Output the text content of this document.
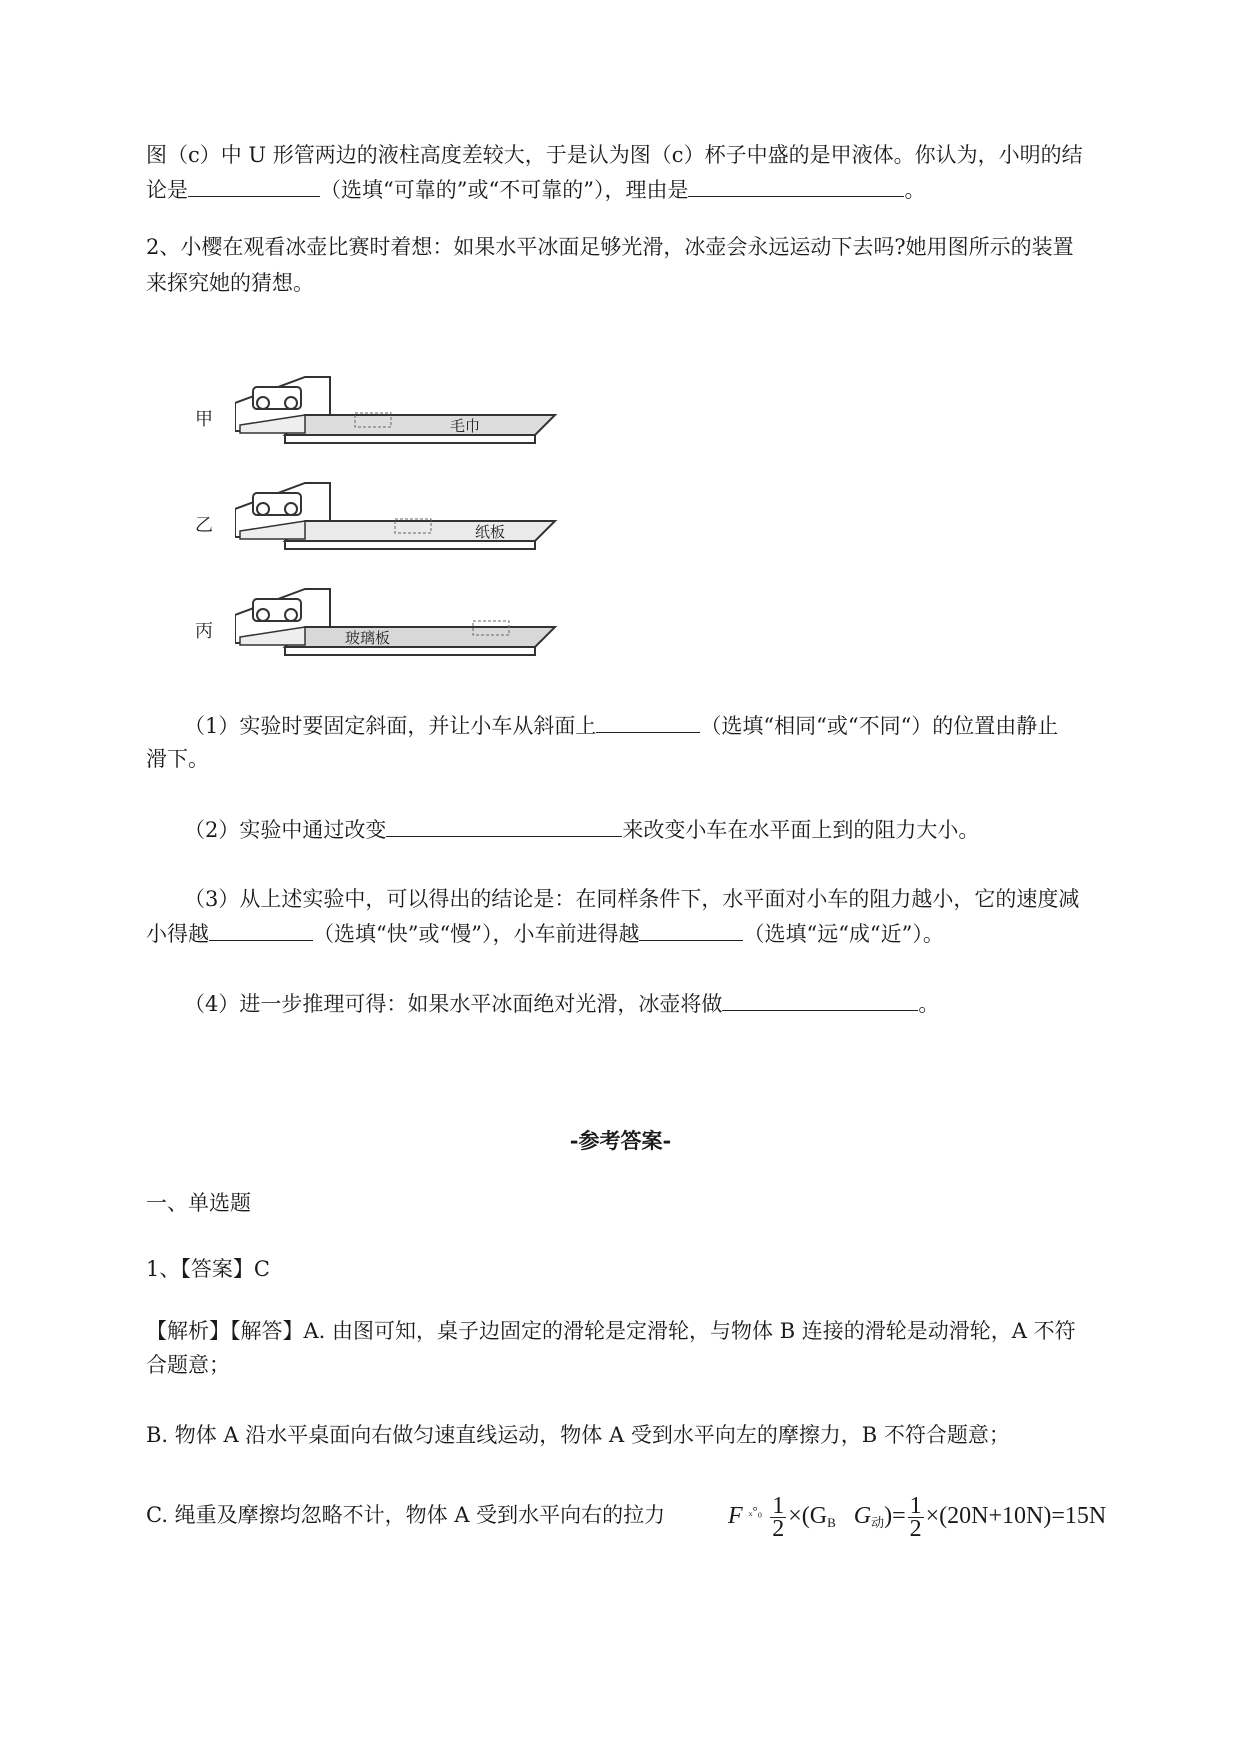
图（c）中 U 形管两边的液柱高度差较大，于是认为图（c）杯子中盛的是甲液体。你认为，小明的结
论是	（选填“可靠的”或“不可靠的”），理由是	。
2、小樱在观看冰壶比赛时着想：如果水平冰面足够光滑，冰壶会永远运动下去吗?她用图所示的装置
来探究她的猜想。
甲	毛巾
乙	纸板
丙	玻璃板
（1）实验时要固定斜面，并让小车从斜面上	（选填“相同“或“不同“）的位置由静止
滑下。
（2）实验中通过改变	来改变小车在水平面上到的阻力大小。
（3）从上述实验中，可以得出的结论是：在同样条件下，水平面对小车的阻力越小，它的速度减
小得越	（选填“快”或“慢”），小车前进得越	（选填“远“成“近”）。
（4）进一步推理可得：如果水平冰面绝对光滑，冰壶将做	。
-参考答案-
一、单选题
1、【答案】C
【解析】【解答】A. 由图可知，桌子边固定的滑轮是定滑轮，与物体 B 连接的滑轮是动滑轮，A 不符
合题意；
B. 物体 A 沿水平桌面向右做匀速直线运动，物体 A 受到水平向左的摩擦力，B 不符合题意；
C. 绳重及摩擦均忽略不计，物体 A 受到水平向右的拉力	F $^{_x^\circ_0} \frac{1}{2} \times(G_B$ $G_动)= \frac{1}{2} \times(20N+10N)=15N$
